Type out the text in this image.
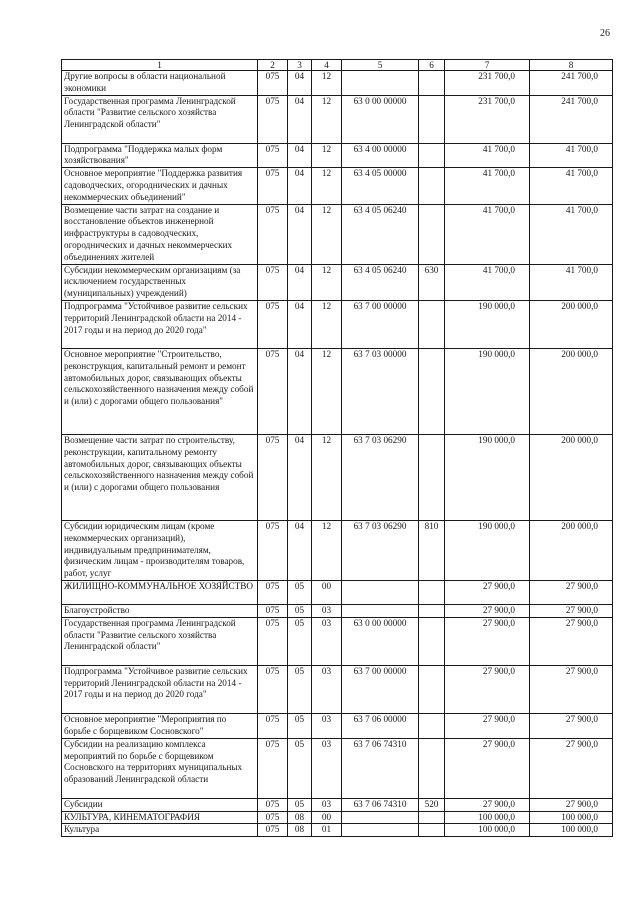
26
1	2	3	4	5	6	7	8
Другие вопросы в области национальной экономики	075	04	12			231 700,0	241 700,0
Государственная программа Ленинградской области "Развитие сельского хозяйства Ленинградской области"	075	04	12	63 0 00 00000		231 700,0	241 700,0
Подпрограмма "Поддержка малых форм хозяйствования"	075	04	12	63 4 00 00000		41 700,0	41 700,0
Основное мероприятие "Поддержка развития садоводческих, огороднических и дачных некоммерческих объединений"	075	04	12	63 4 05 00000		41 700,0	41 700,0
Возмещение части затрат на создание и восстановление объектов инженерной инфраструктуры в садоводческих, огороднических и дачных некоммерческих объединениях жителей	075	04	12	63 4 05 06240		41 700,0	41 700,0
Субсидии некоммерческим организациям (за исключением государственных (муниципальных) учреждений)	075	04	12	63 4 05 06240	630	41 700,0	41 700,0
Подпрограмма "Устойчивое развитие сельских территорий Ленинградской области на 2014 - 2017 годы и на период до 2020 года"	075	04	12	63 7 00 00000		190 000,0	200 000,0
Основное мероприятие "Строительство, реконструкция, капитальный ремонт и ремонт автомобильных дорог, связывающих объекты сельскохозяйственного назначения между собой и (или) с дорогами общего пользования"	075	04	12	63 7 03 00000		190 000,0	200 000,0
Возмещение части затрат по строительству, реконструкции, капитальному ремонту автомобильных дорог, связывающих объекты сельскохозяйственного назначения между собой и (или) с дорогами общего пользования	075	04	12	63 7 03 06290		190 000,0	200 000,0
Субсидии юридическим лицам (кроме некоммерческих организаций), индивидуальным предпринимателям, физическим лицам - производителям товаров, работ, услуг	075	04	12	63 7 03 06290	810	190 000,0	200 000,0
ЖИЛИЩНО-КОММУНАЛЬНОЕ ХОЗЯЙСТВО	075	05	00			27 900,0	27 900,0
Благоустройство	075	05	03			27 900,0	27 900,0
Государственная программа Ленинградской области "Развитие сельского хозяйства Ленинградской области"	075	05	03	63 0 00 00000		27 900,0	27 900,0
Подпрограмма "Устойчивое развитие сельских территорий Ленинградской области на 2014 - 2017 годы и на период до 2020 года"	075	05	03	63 7 00 00000		27 900,0	27 900,0
Основное мероприятие "Мероприятия по борьбе с борщевиком Сосновского"	075	05	03	63 7 06 00000		27 900,0	27 900,0
Субсидии на реализацию комплекса мероприятий по борьбе с борщевиком Сосновского на территориях муниципальных образований Ленинградской области	075	05	03	63 7 06 74310		27 900,0	27 900,0
Субсидии	075	05	03	63 7 06 74310	520	27 900,0	27 900,0
КУЛЬТУРА, КИНЕМАТОГРАФИЯ	075	08	00			100 000,0	100 000,0
Культура	075	08	01			100 000,0	100 000,0
